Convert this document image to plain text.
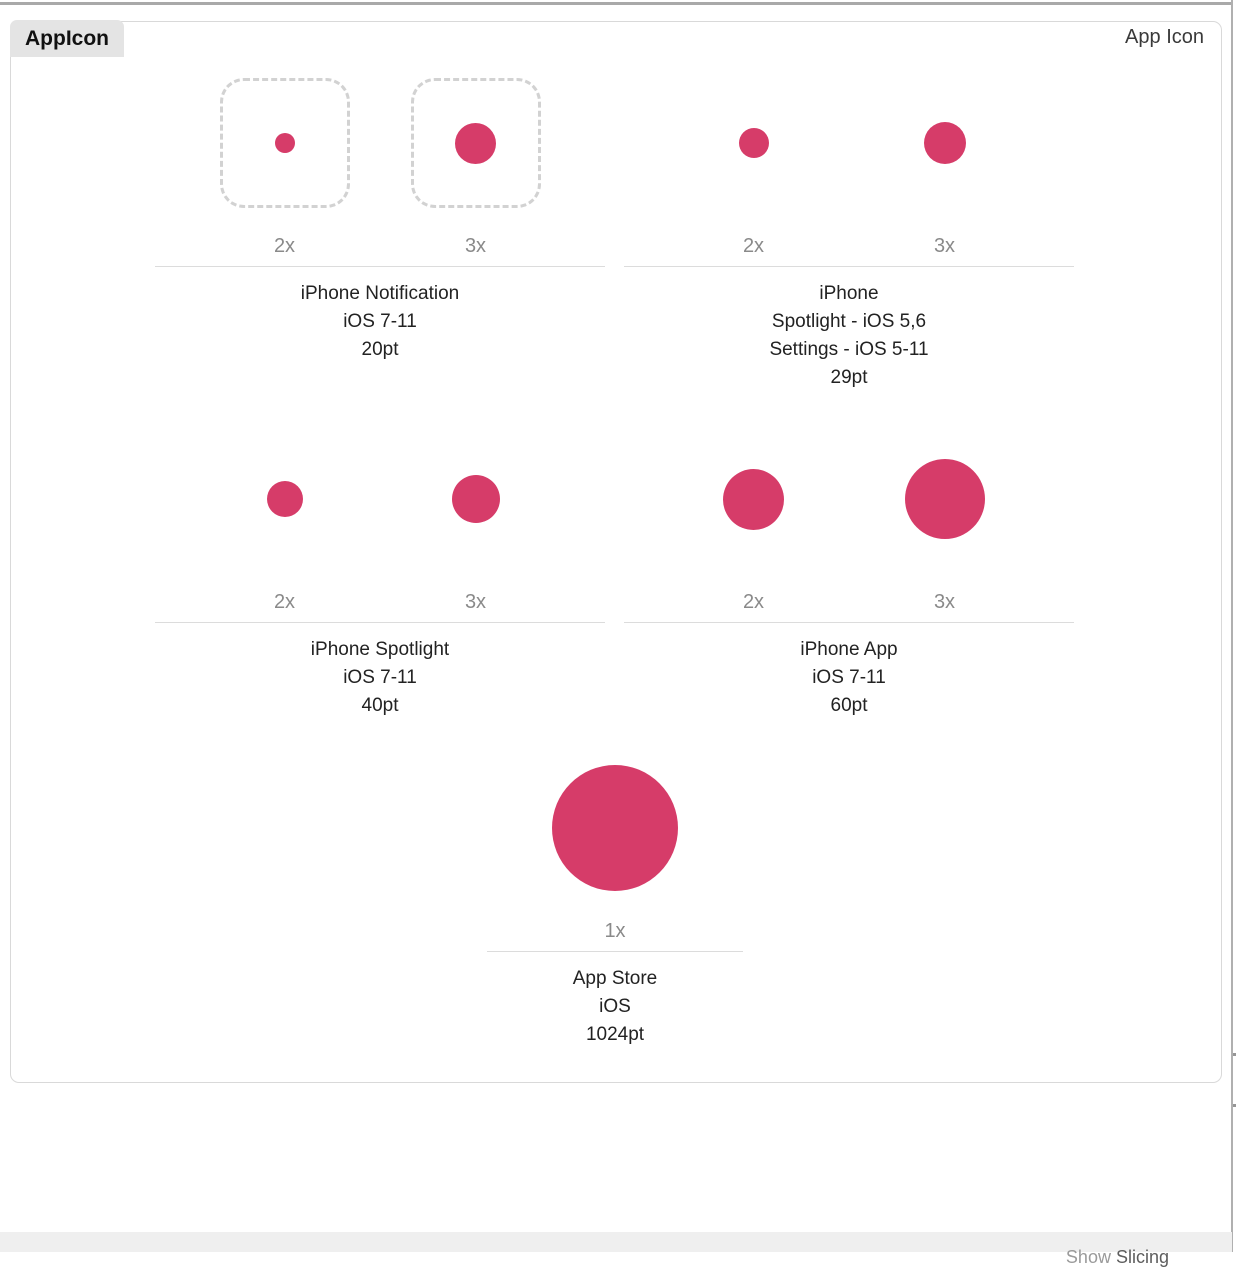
AppIcon	App Icon
2x	3x
iPhone Notification
iOS 7-11
20pt
2x	3x
iPhone
Spotlight - iOS 5,6
Settings - iOS 5-11
29pt
2x	3x
iPhone Spotlight
iOS 7-11
40pt
2x	3x
iPhone App
iOS 7-11
60pt
1x
App Store
iOS
1024pt
Show Slicing
